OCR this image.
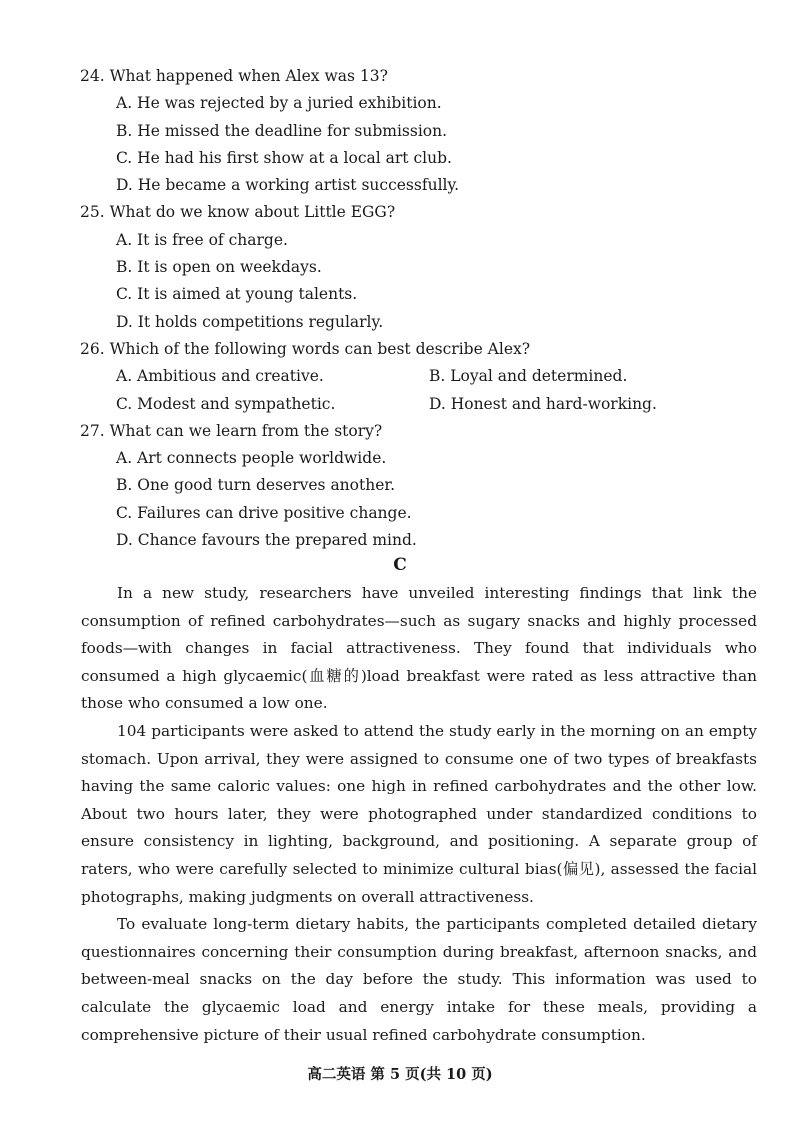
24. What happened when Alex was 13?
A. He was rejected by a juried exhibition.
B. He missed the deadline for submission.
C. He had his first show at a local art club.
D. He became a working artist successfully.
25. What do we know about Little EGG?
A. It is free of charge.
B. It is open on weekdays.
C. It is aimed at young talents.
D. It holds competitions regularly.
26. Which of the following words can best describe Alex?
A. Ambitious and creative.	B. Loyal and determined.
C. Modest and sympathetic.	D. Honest and hard-working.
27. What can we learn from the story?
A. Art connects people worldwide.
B. One good turn deserves another.
C. Failures can drive positive change.
D. Chance favours the prepared mind.
C

In a new study, researchers have unveiled interesting findings that link the consumption of refined carbohydrates—such as sugary snacks and highly processed foods—with changes in facial attractiveness. They found that individuals who consumed a high glycaemic(血糖的)load breakfast were rated as less attractive than those who consumed a low one.

104 participants were asked to attend the study early in the morning on an empty stomach. Upon arrival, they were assigned to consume one of two types of breakfasts having the same caloric values: one high in refined carbohydrates and the other low. About two hours later, they were photographed under standardized conditions to ensure consistency in lighting, background, and positioning. A separate group of raters, who were carefully selected to minimize cultural bias(偏见), assessed the facial photographs, making judgments on overall attractiveness.

To evaluate long-term dietary habits, the participants completed detailed dietary questionnaires concerning their consumption during breakfast, afternoon snacks, and between-meal snacks on the day before the study. This information was used to calculate the glycaemic load and energy intake for these meals, providing a comprehensive picture of their usual refined carbohydrate consumption.

高二英语 第 5 页(共 10 页)
